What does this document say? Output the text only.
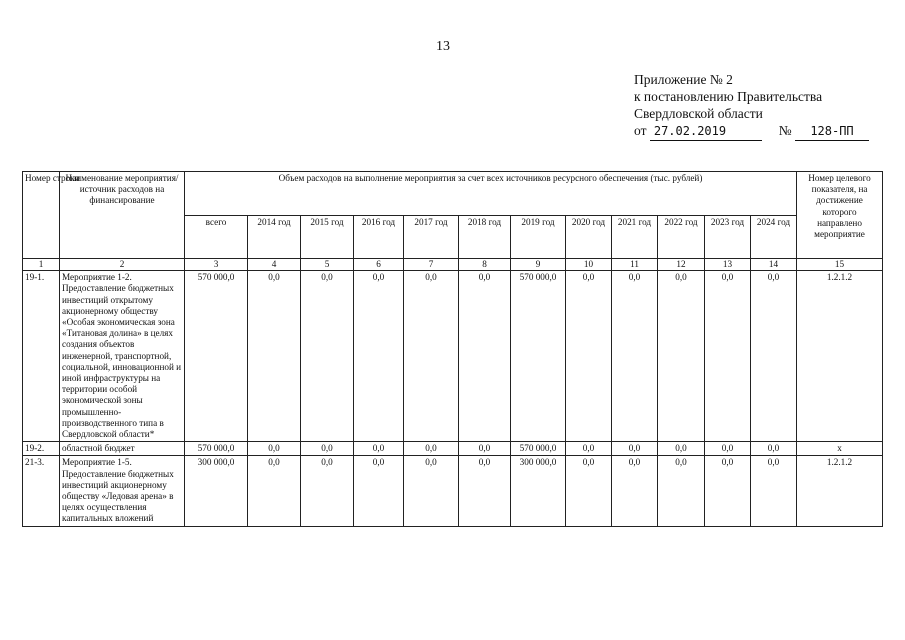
13
Приложение № 2
к постановлению Правительства
Свердловской области
от 27.02.2019	№ 128-ПП
Номер строки	Наименование мероприятия/источник расходов на финансирование	Объем расходов на выполнение мероприятия за счет всех источников ресурсного обеспечения (тыс. рублей)												Номер целевого показателя, на достижение которого направлено мероприятие
		всего	2014 год	2015 год	2016 год	2017 год	2018 год	2019 год	2020 год	2021 год	2022 год	2023 год	2024 год	
1	2	3	4	5	6	7	8	9	10	11	12	13	14	15
19-1.	Мероприятие 1-2. Предоставление бюджетных инвестиций открытому акционерному обществу «Особая экономическая зона «Титановая долина» в целях создания объектов инженерной, транспортной, социальной, инновационной и иной инфраструктуры на территории особой экономической зоны промышленно-производственного типа в Свердловской области*	570 000,0	0,0	0,0	0,0	0,0	0,0	570 000,0	0,0	0,0	0,0	0,0	0,0	1.2.1.2
19-2.	областной бюджет	570 000,0	0,0	0,0	0,0	0,0	0,0	570 000,0	0,0	0,0	0,0	0,0	0,0	х
21-3.	Мероприятие 1-5. Предоставление бюджетных инвестиций акционерному обществу «Ледовая арена» в целях осуществления капитальных вложений	300 000,0	0,0	0,0	0,0	0,0	0,0	300 000,0	0,0	0,0	0,0	0,0	0,0	1.2.1.2
